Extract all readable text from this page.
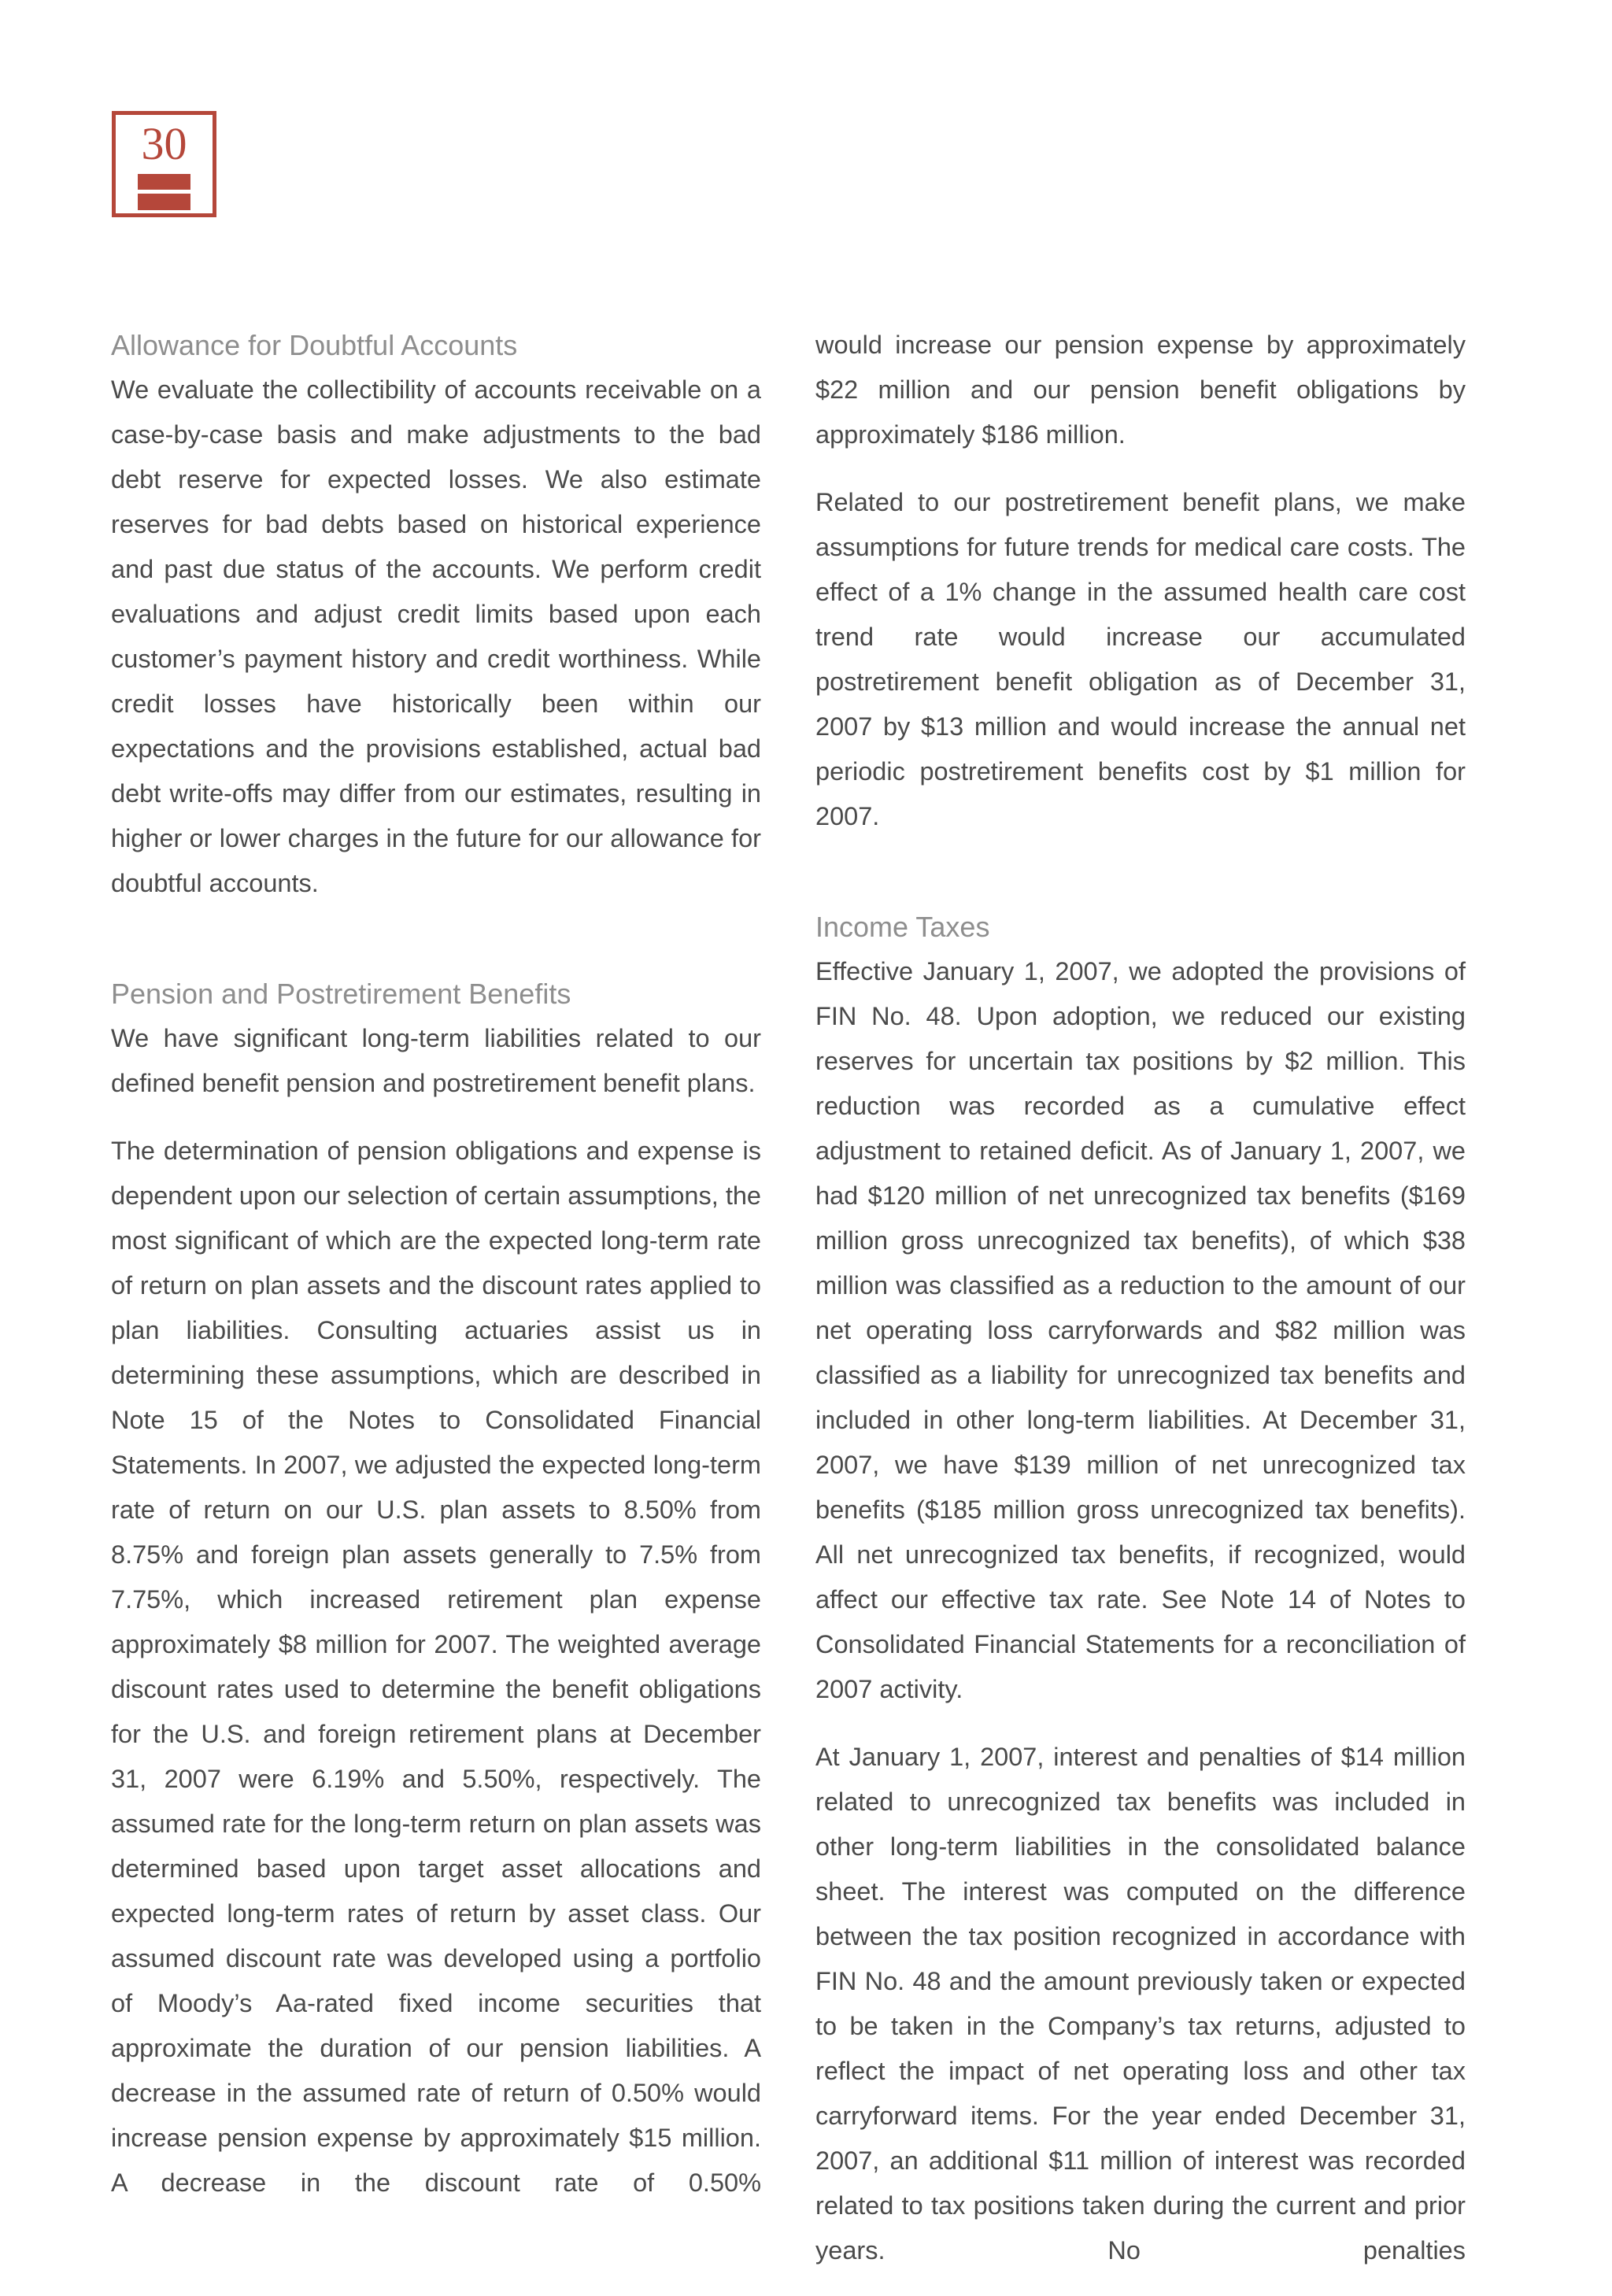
30
Allowance for Doubtful Accounts

We evaluate the collectibility of accounts receivable on a case-by-case basis and make adjustments to the bad debt reserve for expected losses. We also estimate reserves for bad debts based on historical experience and past due status of the accounts. We perform credit evaluations and adjust credit limits based upon each customer’s payment history and credit worthiness. While credit losses have historically been within our expectations and the provisions established, actual bad debt write-offs may differ from our estimates, resulting in higher or lower charges in the future for our allowance for doubtful accounts.

Pension and Postretirement Benefits

We have significant long-term liabilities related to our defined benefit pension and postretirement benefit plans.

The determination of pension obligations and expense is dependent upon our selection of certain assumptions, the most significant of which are the expected long-term rate of return on plan assets and the discount rates applied to plan liabilities. Consulting actuaries assist us in determining these assumptions, which are described in Note 15 of the Notes to Consolidated Financial Statements. In 2007, we adjusted the expected long-term rate of return on our U.S. plan assets to 8.50% from 8.75% and foreign plan assets generally to 7.5% from 7.75%, which increased retirement plan expense approximately $8 million for 2007. The weighted average discount rates used to determine the benefit obligations for the U.S. and foreign retirement plans at December 31, 2007 were 6.19% and 5.50%, respectively. The assumed rate for the long-term return on plan assets was determined based upon target asset allocations and expected long-term rates of return by asset class. Our assumed discount rate was developed using a portfolio of Moody’s Aa-rated fixed income securities that approximate the duration of our pension liabilities. A decrease in the assumed rate of return of 0.50% would increase pension expense by approximately $15 million. A decrease in the discount rate of 0.50%

would increase our pension expense by approximately $22 million and our pension benefit obligations by approximately $186 million.

Related to our postretirement benefit plans, we make assumptions for future trends for medical care costs. The effect of a 1% change in the assumed health care cost trend rate would increase our accumulated postretirement benefit obligation as of December 31, 2007 by $13 million and would increase the annual net periodic postretirement benefits cost by $1 million for 2007.

Income Taxes

Effective January 1, 2007, we adopted the provisions of FIN No. 48. Upon adoption, we reduced our existing reserves for uncertain tax positions by $2 million. This reduction was recorded as a cumulative effect adjustment to retained deficit. As of January 1, 2007, we had $120 million of net unrecognized tax benefits ($169 million gross unrecognized tax benefits), of which $38 million was classified as a reduction to the amount of our net operating loss carryforwards and $82 million was classified as a liability for unrecognized tax benefits and included in other long-term liabilities. At December 31, 2007, we have $139 million of net unrecognized tax benefits ($185 million gross unrecognized tax benefits). All net unrecognized tax benefits, if recognized, would affect our effective tax rate. See Note 14 of Notes to Consolidated Financial Statements for a reconciliation of 2007 activity.

At January 1, 2007, interest and penalties of $14 million related to unrecognized tax benefits was included in other long-term liabilities in the consolidated balance sheet. The interest was computed on the difference between the tax position recognized in accordance with FIN No. 48 and the amount previously taken or expected to be taken in the Company’s tax returns, adjusted to reflect the impact of net operating loss and other tax carryforward items. For the year ended December 31, 2007, an additional $11 million of interest was recorded related to tax positions taken during the current and prior years. No penalties
